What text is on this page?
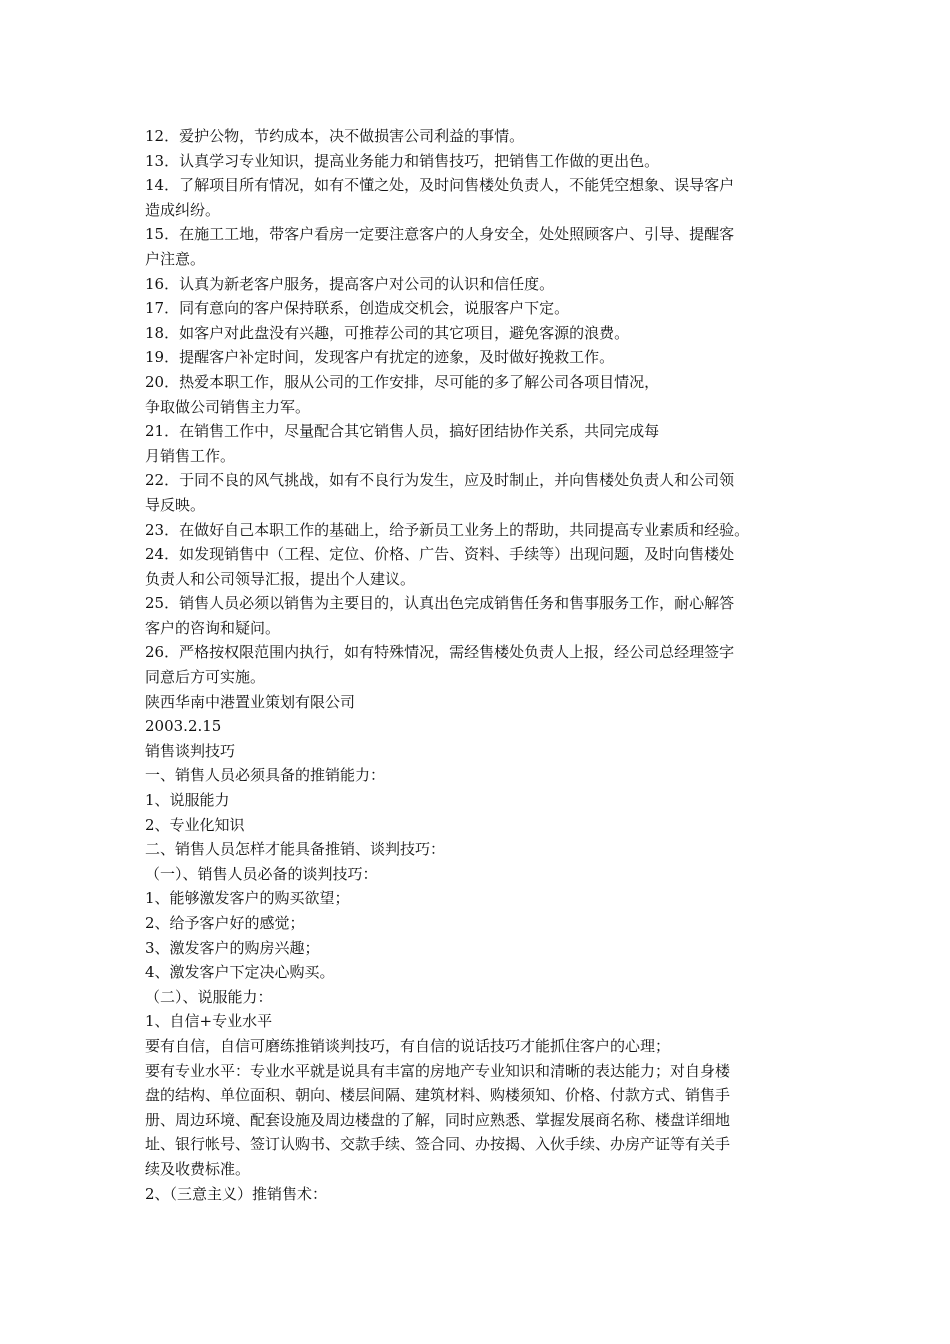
12．爱护公物，节约成本，决不做损害公司利益的事情。
13．认真学习专业知识，提高业务能力和销售技巧，把销售工作做的更出色。
14．了解项目所有情况，如有不懂之处，及时问售楼处负责人，不能凭空想象、误导客户
造成纠纷。
15．在施工工地，带客户看房一定要注意客户的人身安全，处处照顾客户、引导、提醒客
户注意。
16．认真为新老客户服务，提高客户对公司的认识和信任度。
17．同有意向的客户保持联系，创造成交机会，说服客户下定。
18．如客户对此盘没有兴趣，可推荐公司的其它项目，避免客源的浪费。
19．提醒客户补定时间，发现客户有扰定的迹象，及时做好挽救工作。
20．热爱本职工作，服从公司的工作安排，尽可能的多了解公司各项目情况，
争取做公司销售主力军。
21．在销售工作中，尽量配合其它销售人员，搞好团结协作关系，共同完成每
月销售工作。
22．于同不良的风气挑战，如有不良行为发生，应及时制止，并向售楼处负责人和公司领
导反映。
23．在做好自己本职工作的基础上，给予新员工业务上的帮助，共同提高专业素质和经验。
24．如发现销售中（工程、定位、价格、广告、资料、手续等）出现问题，及时向售楼处
负责人和公司领导汇报，提出个人建议。
25．销售人员必须以销售为主要目的，认真出色完成销售任务和售事服务工作，耐心解答
客户的咨询和疑问。
26．严格按权限范围内执行，如有特殊情况，需经售楼处负责人上报，经公司总经理签字
同意后方可实施。
陕西华南中港置业策划有限公司
2003.2.15
销售谈判技巧
一、销售人员必须具备的推销能力：
1、说服能力
2、专业化知识
二、销售人员怎样才能具备推销、谈判技巧：
（一）、销售人员必备的谈判技巧：
1、能够激发客户的购买欲望；
2、给予客户好的感觉；
3、激发客户的购房兴趣；
4、激发客户下定决心购买。
（二）、说服能力：
1、自信+专业水平
要有自信，自信可磨练推销谈判技巧，有自信的说话技巧才能抓住客户的心理；
要有专业水平：专业水平就是说具有丰富的房地产专业知识和清晰的表达能力；对自身楼
盘的结构、单位面积、朝向、楼层间隔、建筑材料、购楼须知、价格、付款方式、销售手
册、周边环境、配套设施及周边楼盘的了解，同时应熟悉、掌握发展商名称、楼盘详细地
址、银行帐号、签订认购书、交款手续、签合同、办按揭、入伙手续、办房产证等有关手
续及收费标准。
2、（三意主义）推销售术：
